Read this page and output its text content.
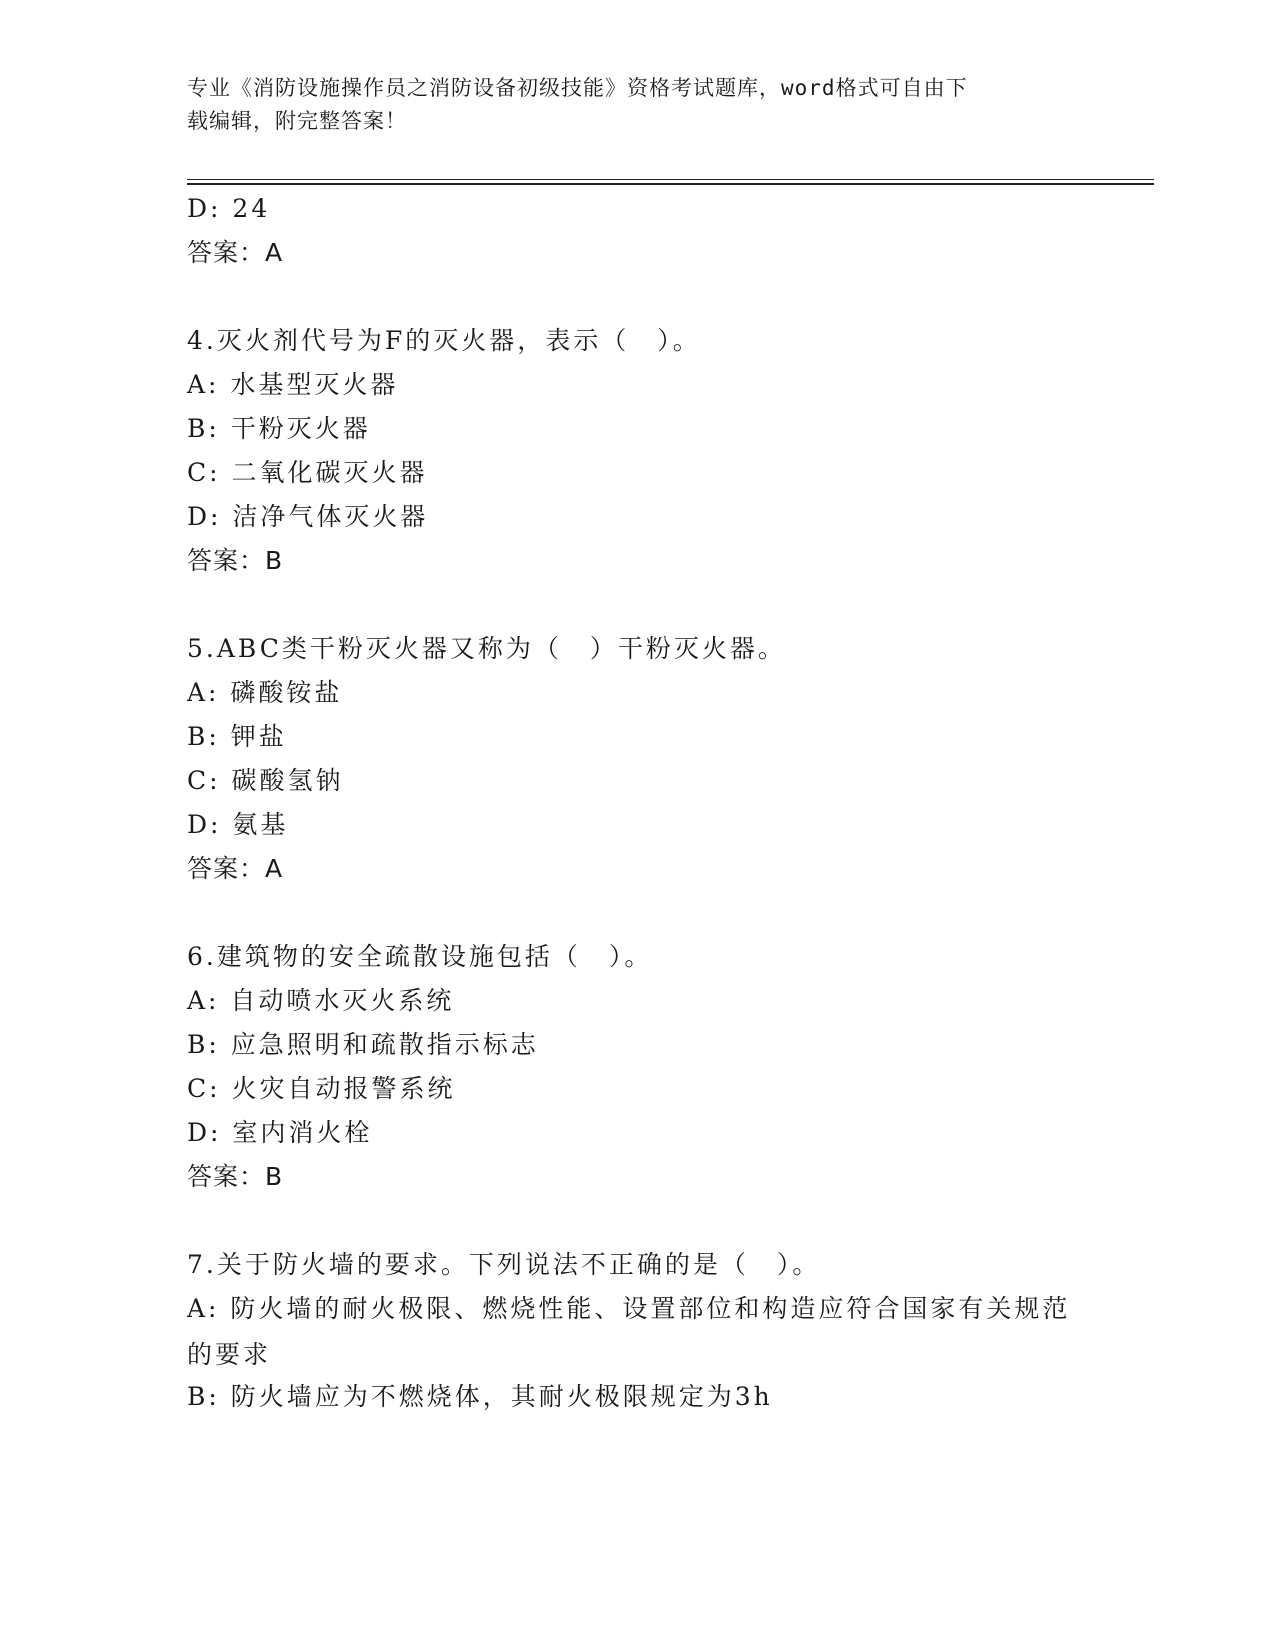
专业《消防设施操作员之消防设备初级技能》资格考试题库，word格式可自由下
载编辑，附完整答案！
D: 24
答案：A
4.灭火剂代号为F的灭火器，表示（　）。
A: 水基型灭火器
B: 干粉灭火器
C: 二氧化碳灭火器
D: 洁净气体灭火器
答案：B
5.ABC类干粉灭火器又称为（　）干粉灭火器。
A: 磷酸铵盐
B: 钾盐
C: 碳酸氢钠
D: 氨基
答案：A
6.建筑物的安全疏散设施包括（　）。
A: 自动喷水灭火系统
B: 应急照明和疏散指示标志
C: 火灾自动报警系统
D: 室内消火栓
答案：B
7.关于防火墙的要求。下列说法不正确的是（　）。
A: 防火墙的耐火极限、燃烧性能、设置部位和构造应符合国家有关规范的要求
B: 防火墙应为不燃烧体，其耐火极限规定为3h
